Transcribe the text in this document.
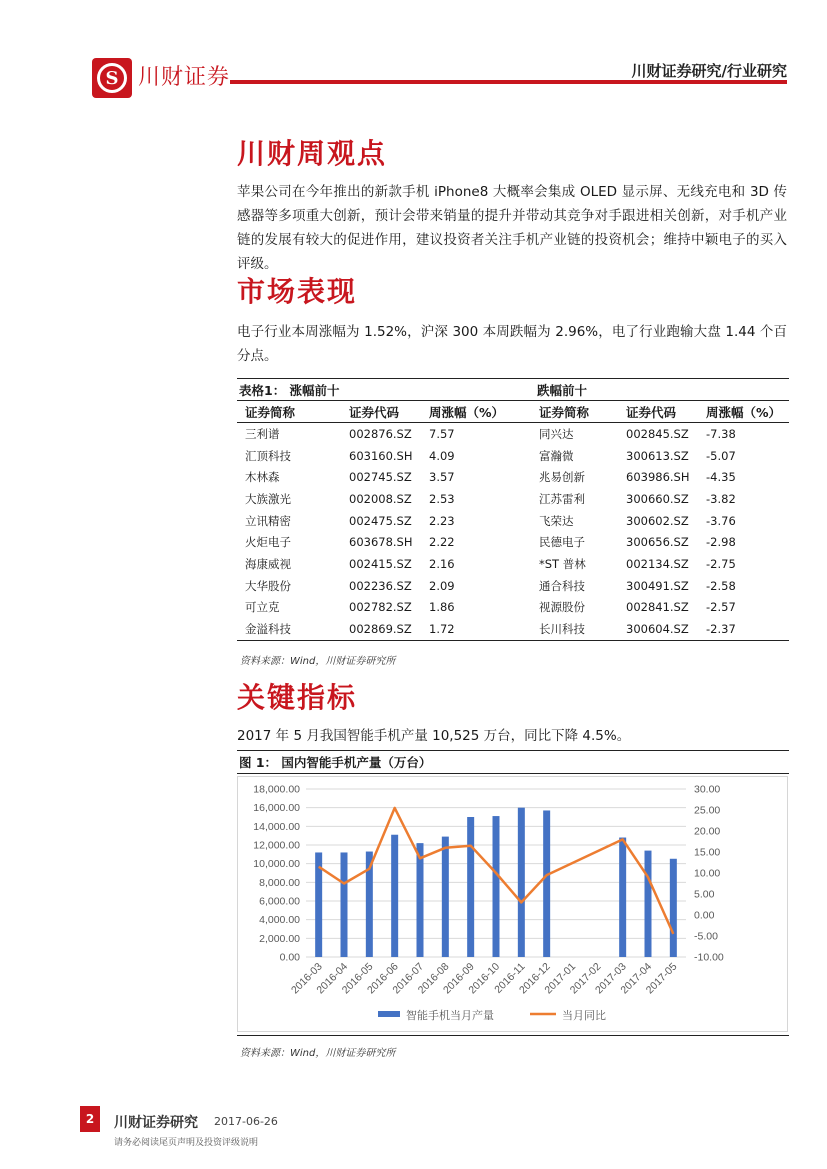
S 川财证券	川财证券研究/行业研究
川财周观点
苹果公司在今年推出的新款手机 iPhone8 大概率会集成 OLED 显示屏、无线充电和 3D 传感器等多项重大创新，预计会带来销量的提升并带动其竞争对手跟进相关创新，对手机产业链的发展有较大的促进作用，建议投资者关注手机产业链的投资机会；维持中颖电子的买入评级。
市场表现
电子行业本周涨幅为 1.52%，沪深 300 本周跌幅为 2.96%，电了行业跑输大盘 1.44 个百分点。
表格1： 涨幅前十	跌幅前十
证券简称	证券代码	周涨幅（%）	证券简称	证券代码	周涨幅（%）
三利谱	002876.SZ	7.57	同兴达	002845.SZ	-7.38
汇顶科技	603160.SH	4.09	富瀚微	300613.SZ	-5.07
木林森	002745.SZ	3.57	兆易创新	603986.SH	-4.35
大族激光	002008.SZ	2.53	江苏雷利	300660.SZ	-3.82
立讯精密	002475.SZ	2.23	飞荣达	300602.SZ	-3.76
火炬电子	603678.SH	2.22	民德电子	300656.SZ	-2.98
海康威视	002415.SZ	2.16	*ST 普林	002134.SZ	-2.75
大华股份	002236.SZ	2.09	通合科技	300491.SZ	-2.58
可立克	002782.SZ	1.86	视源股份	002841.SZ	-2.57
金溢科技	002869.SZ	1.72	长川科技	300604.SZ	-2.37
资料来源：Wind，川财证券研究所
关键指标
2017 年 5 月我国智能手机产量 10,525 万台，同比下降 4.5%。
图 1： 国内智能手机产量（万台）
0.00
2,000.00
4,000.00
6,000.00
8,000.00
10,000.00
12,000.00
14,000.00
16,000.00
18,000.00
-10.00
-5.00
0.00
5.00
10.00
15.00
20.00
25.00
30.00
2016-03
2016-04
2016-05
2016-06
2016-07
2016-08
2016-09
2016-10
2016-11
2016-12
2017-01
2017-02
2017-03
2017-04
2017-05
智能手机当月产量	当月同比
资料来源：Wind，川财证券研究所
2	川财证券研究 2017-06-26
请务必阅读尾页声明及投资评级说明
